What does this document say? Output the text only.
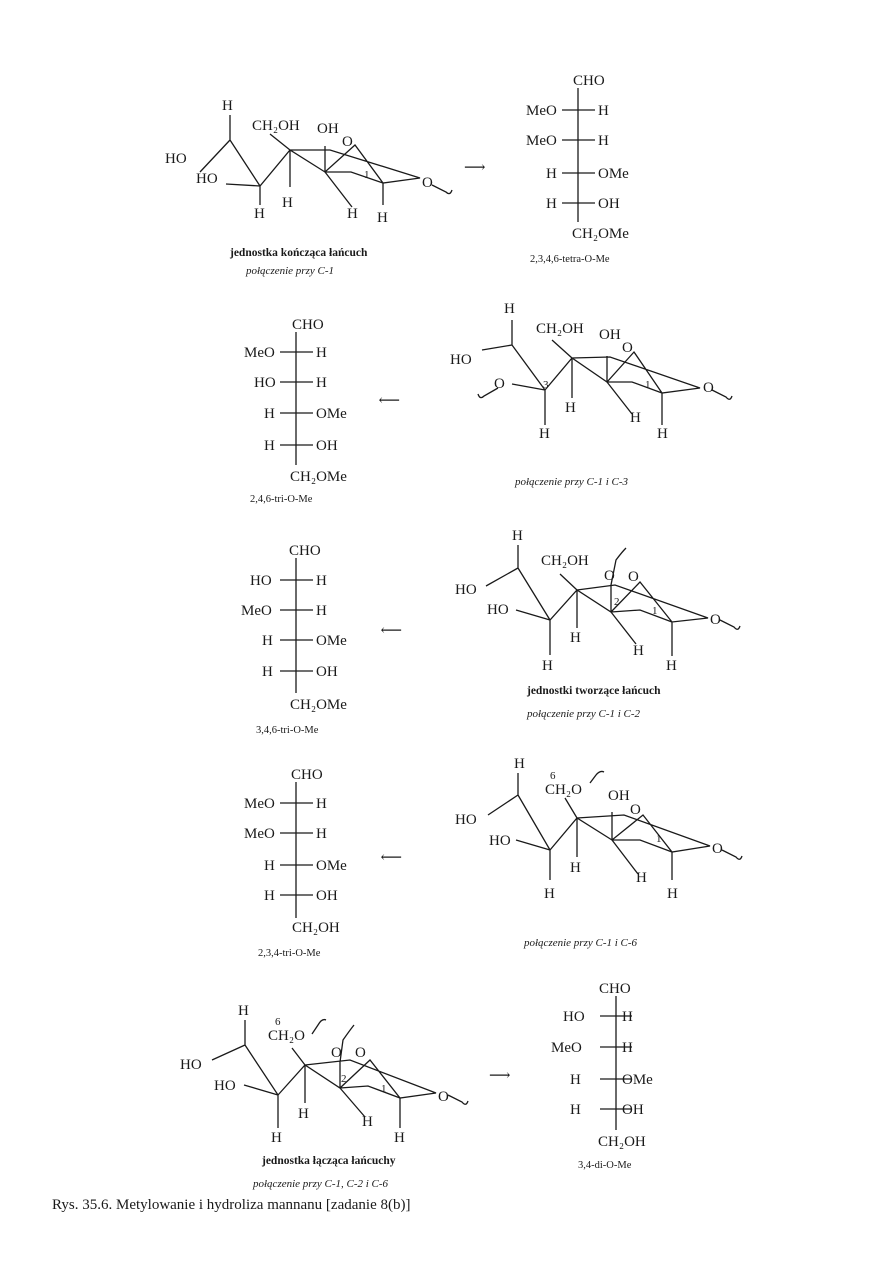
H
CH₂OH OH
O
HO
HO
H
H	H H
1	O
jednostka kończąca łańcuch
połączenie przy C-1
⟶
CHO
MeO	H
MeO	H
H	OMe
H	OH
CH₂OMe
2,3,4,6-tetra-O-Me
CHO
MeO	H
HO	H
H	OMe
H	OH
CH₂OMe
2,4,6-tri-O-Me
⟶
H
CH₂OH OH
O
HO
O	3	1	O
H
H
H	H
połączenie przy C-1 i C-3
CHO
HO	H
MeO	H
H	OMe
H	OH
CH₂OMe
3,4,6-tri-O-Me
⟶
H
CH₂OH
O O
HO
HO	2
1
O
H
H
H	H
jednostki tworzące łańcuch
połączenie przy C-1 i C-2
CHO
MeO	H
MeO	H
H	OMe
H	OH
CH₂OH
2,3,4-tri-O-Me
⟶
H
6
CH₂O OH
O
HO
HO	1
O
H
H
H	H
połączenie przy C-1 i C-6
H
6
CH₂O
O O
HO
HO	2
1	O
H	H
H	H
jednostka łącząca łańcuchy
połączenie przy C-1, C-2 i C-6
⟶
CHO
HO H
MeO	H
H	OMe
H	OH
CH₂OH
3,4-di-O-Me
Rys. 35.6. Metylowanie i hydroliza mannanu [zadanie 8(b)]
